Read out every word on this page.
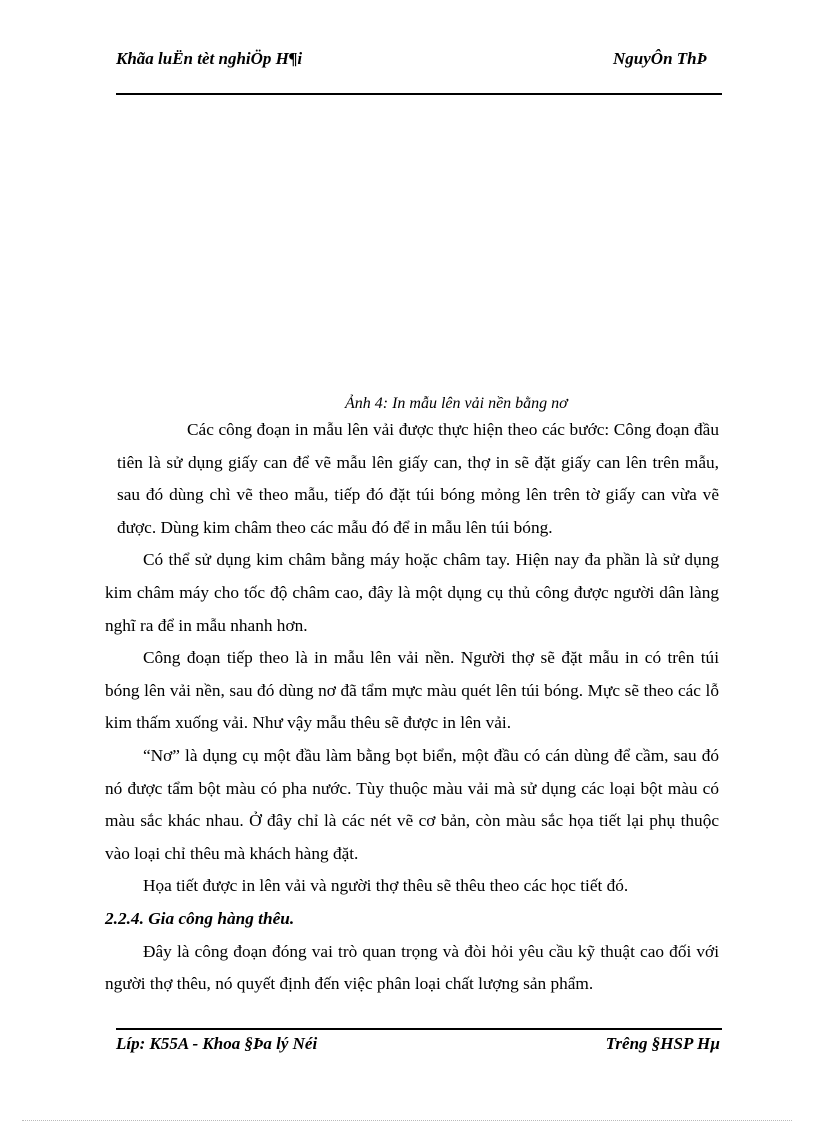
Khãa luËn tèt nghiÖp H¶i	NguyÔn ThÞ
Ảnh 4: In mẫu lên vải nền bằng nơ

Các công đoạn in mẫu lên vải được thực hiện theo các bước: Công đoạn đầu tiên là sử dụng giấy can để vẽ mẫu lên giấy can, thợ in sẽ đặt giấy can lên trên mẫu, sau đó dùng chì vẽ theo mẫu, tiếp đó đặt túi bóng mỏng lên trên tờ giấy can vừa vẽ được. Dùng kim châm theo các mẫu đó để in mẫu lên túi bóng.

Có thể sử dụng kim châm bằng máy hoặc châm tay. Hiện nay đa phần là sử dụng kim châm máy cho tốc độ châm cao, đây là một dụng cụ thủ công được người dân làng nghĩ ra để in mẫu nhanh hơn.

Công đoạn tiếp theo là in mẫu lên vải nền. Người thợ sẽ đặt mẫu in có trên túi bóng lên vải nền, sau đó dùng nơ đã tẩm mực màu quét lên túi bóng. Mực sẽ theo các lỗ kim thấm xuống vải. Như vậy mẫu thêu sẽ được in lên vải.

“Nơ” là dụng cụ một đầu làm bằng bọt biển, một đầu có cán dùng để cầm, sau đó nó được tẩm bột màu có pha nước. Tùy thuộc màu vải mà sử dụng các loại bột màu có màu sắc khác nhau. Ở đây chỉ là các nét vẽ cơ bản, còn màu sắc họa tiết lại phụ thuộc vào loại chỉ thêu mà khách hàng đặt.

Họa tiết được in lên vải và người thợ thêu sẽ thêu theo các học tiết đó.

2.2.4. Gia công hàng thêu.

Đây là công đoạn đóng vai trò quan trọng và đòi hỏi yêu cầu kỹ thuật cao đối với người thợ thêu, nó quyết định đến việc phân loại chất lượng sản phẩm.

Líp: K55A - Khoa §Þa lý Néi	Trêng §HSP Hµ
